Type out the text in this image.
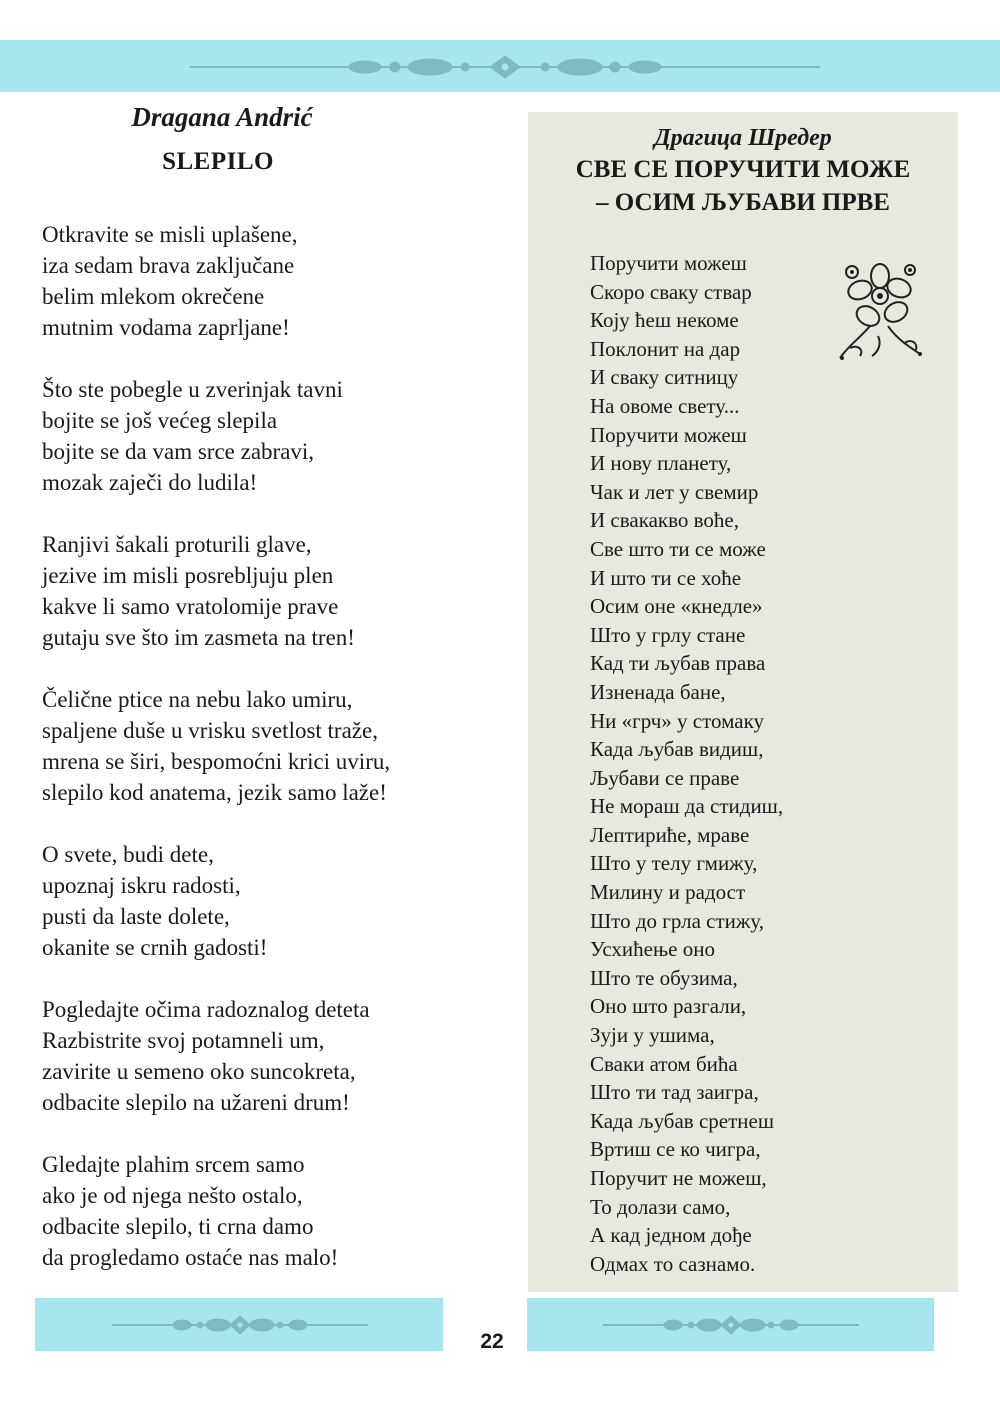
Dragana Andrić
SLEPILO
Otkravite se misli uplašene,
iza sedam brava zaključane
belim mlekom okrečene
mutnim vodama zaprljane!
Što ste pobegle u zverinjak tavni
bojite se još većeg slepila
bojite se da vam srce zabravi,
mozak zaječi do ludila!
Ranjivi šakali proturili glave,
jezive im misli posrebljuju plen
kakve li samo vratolomije prave
gutaju sve što im zasmeta na tren!
Čelične ptice na nebu lako umiru,
spaljene duše u vrisku svetlost traže,
mrena se širi, bespomoćni krici uviru,
slepilo kod anatema, jezik samo laže!
O svete, budi dete,
upoznaj iskru radosti,
pusti da laste dolete,
okanite se crnih gadosti!
Pogledajte očima radoznalog deteta
Razbistrite svoj potamneli um,
zavirite u semeno oko suncokreta,
odbacite slepilo na užareni drum!
Gledajte plahim srcem samo
ako je od njega nešto ostalo,
odbacite slepilo, ti crna damo
da progledamo ostaće nas malo!
Драгица Шредер
СВЕ СЕ ПОРУЧИТИ МОЖЕ
– ОСИМ ЉУБАВИ ПРВЕ
Поручити можеш
Скоро сваку ствар
Коју ћеш некоме
Поклонит на дар
И сваку ситницу
На овоме свету...
Поручити можеш
И нову планету,
Чак и лет у свемир
И свакакво воће,
Све што ти се може
И што ти се хоће
Осим оне «кнедле»
Што у грлу стане
Кад ти љубав права
Изненада бане,
Ни «грч» у стомаку
Када љубав видиш,
Љубави се праве
Не мораш да стидиш,
Лептириће, мраве
Што у телу гмижу,
Милину и радост
Што до грла стижу,
Усхићење оно
Што те обузима,
Оно што разгали,
Зуји у ушима,
Сваки атом бића
Што ти тад заигра,
Када љубав сретнеш
Вртиш се ко чигра,
Поручит не можеш,
То долази само,
А кад једном дође
Одмах то сазнамо.
22
